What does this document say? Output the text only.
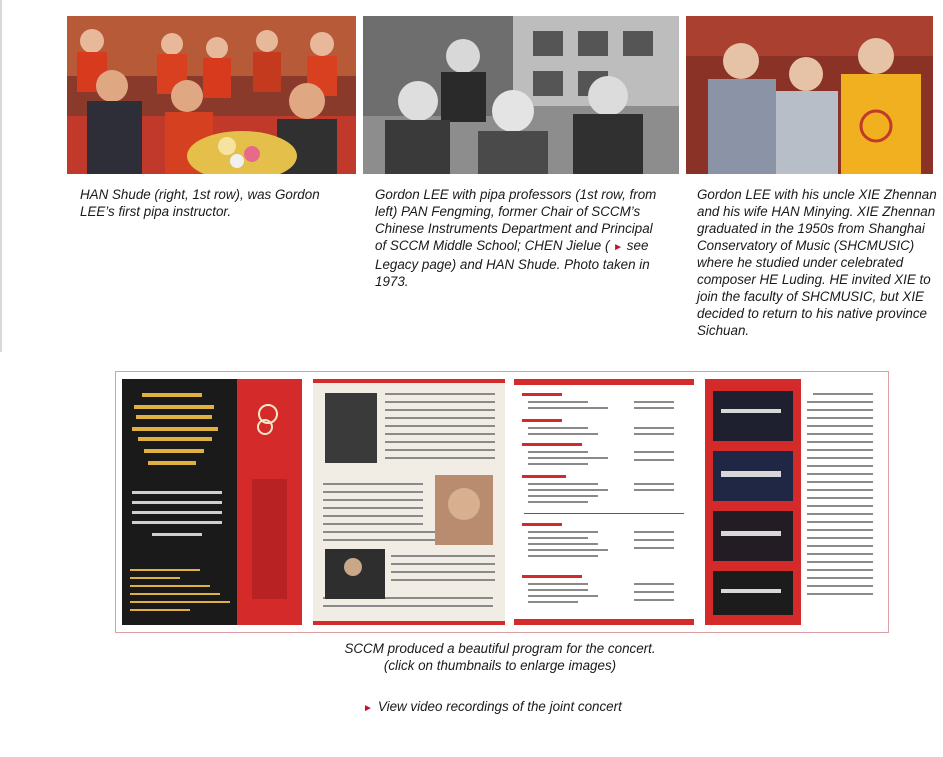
HAN Shude (right, 1st row), was Gordon LEE’s first pipa instructor.
Gordon LEE with pipa professors (1st row, from left) PAN Fengming, former Chair of SCCM’s Chinese Instruments Department and Principal of SCCM Middle School; CHEN Jielue ( ► see Legacy page) and HAN Shude. Photo taken in 1973.
Gordon LEE with his uncle XIE Zhennan and his wife HAN Minying. XIE Zhennan graduated in the 1950s from Shanghai Conservatory of Music (SHCMUSIC) where he studied under celebrated composer HE Luding. HE invited XIE to join the faculty of SHCMUSIC, but XIE decided to return to his native province Sichuan.
SCCM produced a beautiful program for the concert.
(click on thumbnails to enlarge images)
► View video recordings of the joint concert
